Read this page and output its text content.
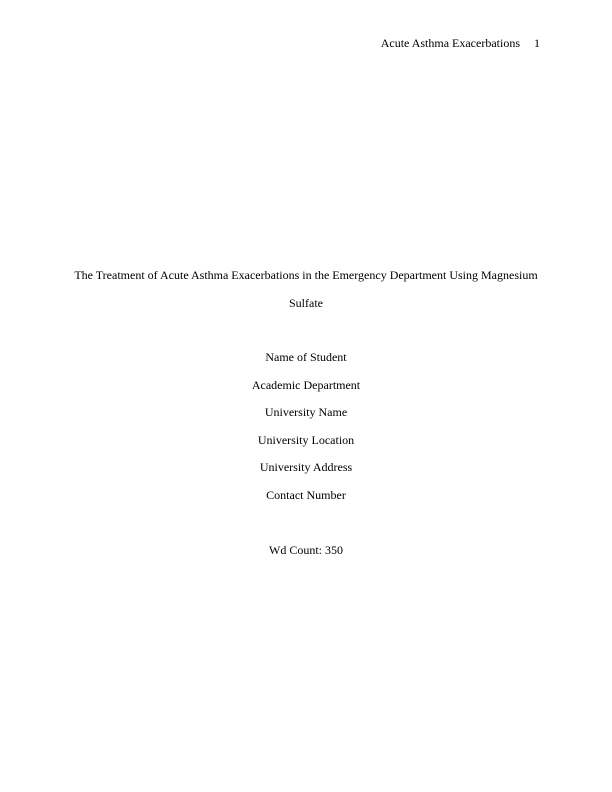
Acute Asthma Exacerbations 1
The Treatment of Acute Asthma Exacerbations in the Emergency Department Using Magnesium
Sulfate

Name of Student

Academic Department

University Name

University Location

University Address

Contact Number

Wd Count: 350
